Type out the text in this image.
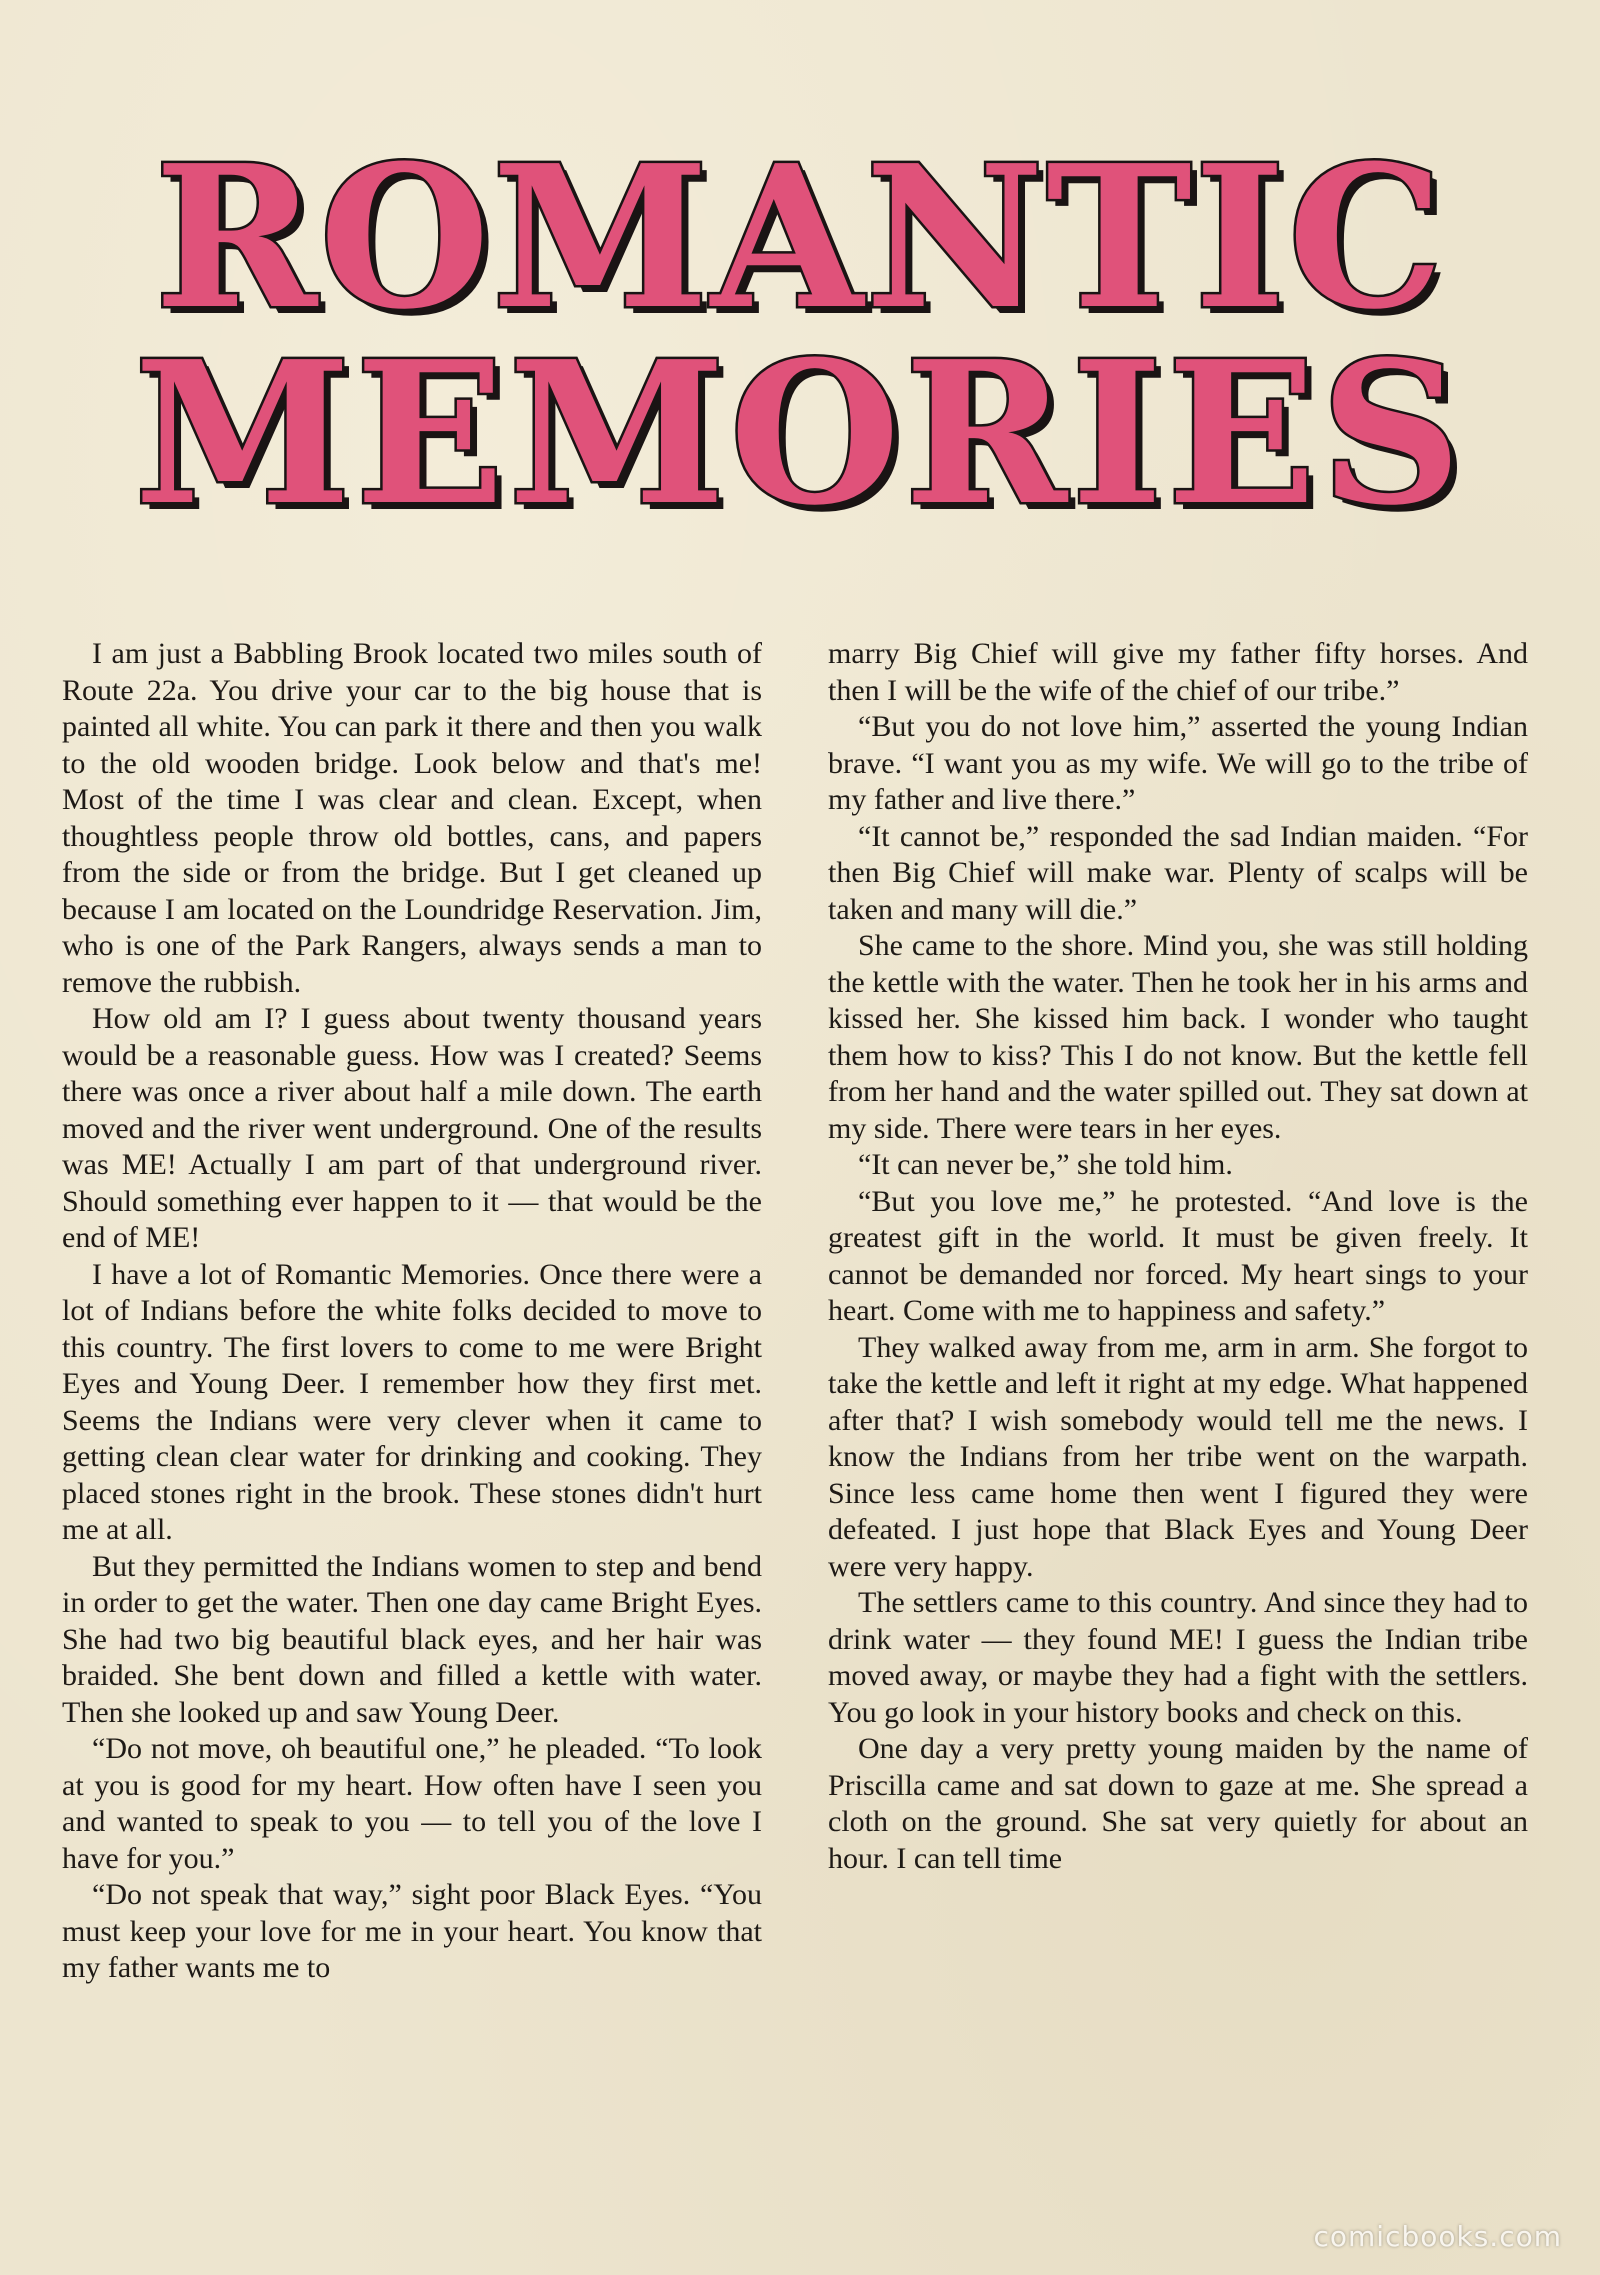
ROMANTIC
MEMORIES

I am just a Babbling Brook located two miles south of Route 22a. You drive your car to the big house that is painted all white. You can park it there and then you walk to the old wooden bridge. Look below and that's me! Most of the time I was clear and clean. Except, when thoughtless people throw old bottles, cans, and papers from the side or from the bridge. But I get cleaned up because I am located on the Loundridge Reservation. Jim, who is one of the Park Rangers, always sends a man to remove the rubbish.

How old am I? I guess about twenty thousand years would be a reasonable guess. How was I created? Seems there was once a river about half a mile down. The earth moved and the river went underground. One of the results was ME! Actually I am part of that underground river. Should something ever happen to it — that would be the end of ME!

I have a lot of Romantic Memories. Once there were a lot of Indians before the white folks decided to move to this country. The first lovers to come to me were Bright Eyes and Young Deer. I remember how they first met. Seems the Indians were very clever when it came to getting clean clear water for drinking and cooking. They placed stones right in the brook. These stones didn't hurt me at all.

But they permitted the Indians women to step and bend in order to get the water. Then one day came Bright Eyes. She had two big beautiful black eyes, and her hair was braided. She bent down and filled a kettle with water. Then she looked up and saw Young Deer.

“Do not move, oh beautiful one,” he pleaded. “To look at you is good for my heart. How often have I seen you and wanted to speak to you — to tell you of the love I have for you.”

“Do not speak that way,” sight poor Black Eyes. “You must keep your love for me in your heart. You know that my father wants me to

marry Big Chief will give my father fifty horses. And then I will be the wife of the chief of our tribe.”

“But you do not love him,” asserted the young Indian brave. “I want you as my wife. We will go to the tribe of my father and live there.”

“It cannot be,” responded the sad Indian maiden. “For then Big Chief will make war. Plenty of scalps will be taken and many will die.”

She came to the shore. Mind you, she was still holding the kettle with the water. Then he took her in his arms and kissed her. She kissed him back. I wonder who taught them how to kiss? This I do not know. But the kettle fell from her hand and the water spilled out. They sat down at my side. There were tears in her eyes.

“It can never be,” she told him.

“But you love me,” he protested. “And love is the greatest gift in the world. It must be given freely. It cannot be demanded nor forced. My heart sings to your heart. Come with me to happiness and safety.”

They walked away from me, arm in arm. She forgot to take the kettle and left it right at my edge. What happened after that? I wish somebody would tell me the news. I know the Indians from her tribe went on the warpath. Since less came home then went I figured they were defeated. I just hope that Black Eyes and Young Deer were very happy.

The settlers came to this country. And since they had to drink water — they found ME! I guess the Indian tribe moved away, or maybe they had a fight with the settlers. You go look in your history books and check on this.

One day a very pretty young maiden by the name of Priscilla came and sat down to gaze at me. She spread a cloth on the ground. She sat very quietly for about an hour. I can tell time

comicbooks.com
